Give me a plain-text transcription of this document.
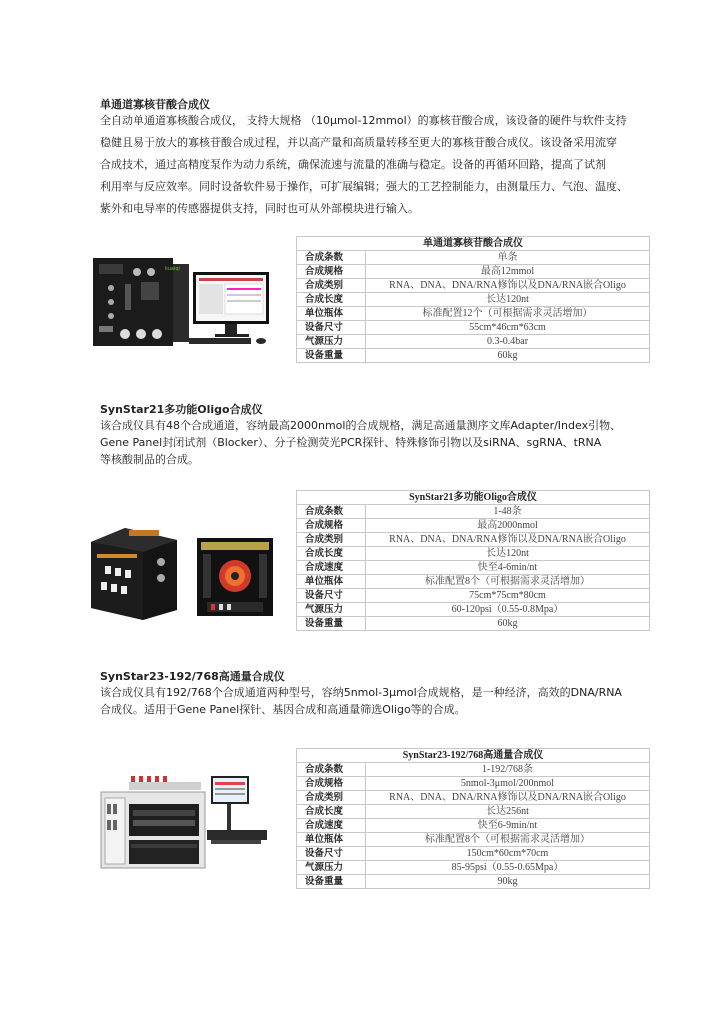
单通道寡核苷酸合成仪
全自动单通道寡核酸合成仪， 支持大规格 （10μmol-12mmol）的寡核苷酸合成，该设备的硬件与软件支持
稳健且易于放大的寡核苷酸合成过程，并以高产量和高质量转移至更大的寡核苷酸合成仪。该设备采用流穿
合成技术，通过高精度泵作为动力系统，确保流速与流量的准确与稳定。设备的再循环回路，提高了试剂
利用率与反应效率。同时设备软件易于操作，可扩展编辑；强大的工艺控制能力，由测量压力、气泡、温度、
紫外和电导率的传感器提供支持，同时也可从外部模块进行输入。
kuaiqi
单通道寡核苷酸合成仪	
合成条数	单条
合成规格	最高12mmol
合成类别	RNA、DNA、DNA/RNA修饰以及DNA/RNA嵌合Oligo
合成长度	长达120nt
单位瓶体	标准配置12个（可根据需求灵活增加）
设备尺寸	55cm*46cm*63cm
气源压力	0.3-0.4bar
设备重量	60kg
SynStar21多功能Oligo合成仪
该合成仪具有48个合成通道，容纳最高2000nmol的合成规格，满足高通量测序文库Adapter/Index引物、
Gene Panel封闭试剂（Blocker）、分子检测荧光PCR探针、特殊修饰引物以及siRNA、sgRNA、tRNA
等核酸制品的合成。
SynStar21多功能Oligo合成仪	
合成条数	1-48条
合成规格	最高2000nmol
合成类别	RNA、DNA、DNA/RNA修饰以及DNA/RNA嵌合Oligo
合成长度	长达120nt
合成速度	快至4-6min/nt
单位瓶体	标准配置8个（可根据需求灵活增加）
设备尺寸	75cm*75cm*80cm
气源压力	60-120psi（0.55-0.8Mpa）
设备重量	60kg
SynStar23-192/768高通量合成仪
该合成仪具有192/768个合成通道两种型号，容纳5nmol-3μmol合成规格，是一种经济，高效的DNA/RNA
合成仪。适用于Gene Panel探针、基因合成和高通量筛选Oligo等的合成。
SynStar23-192/768高通量合成仪	
合成条数	1-192/768条
合成规格	5nmol-3μmol/200nmol
合成类别	RNA、DNA、DNA/RNA修饰以及DNA/RNA嵌合Oligo
合成长度	长达256nt
合成速度	快至6-9min/nt
单位瓶体	标准配置8个（可根据需求灵活增加）
设备尺寸	150cm*60cm*70cm
气源压力	85-95psi（0.55-0.65Mpa）
设备重量	90kg
